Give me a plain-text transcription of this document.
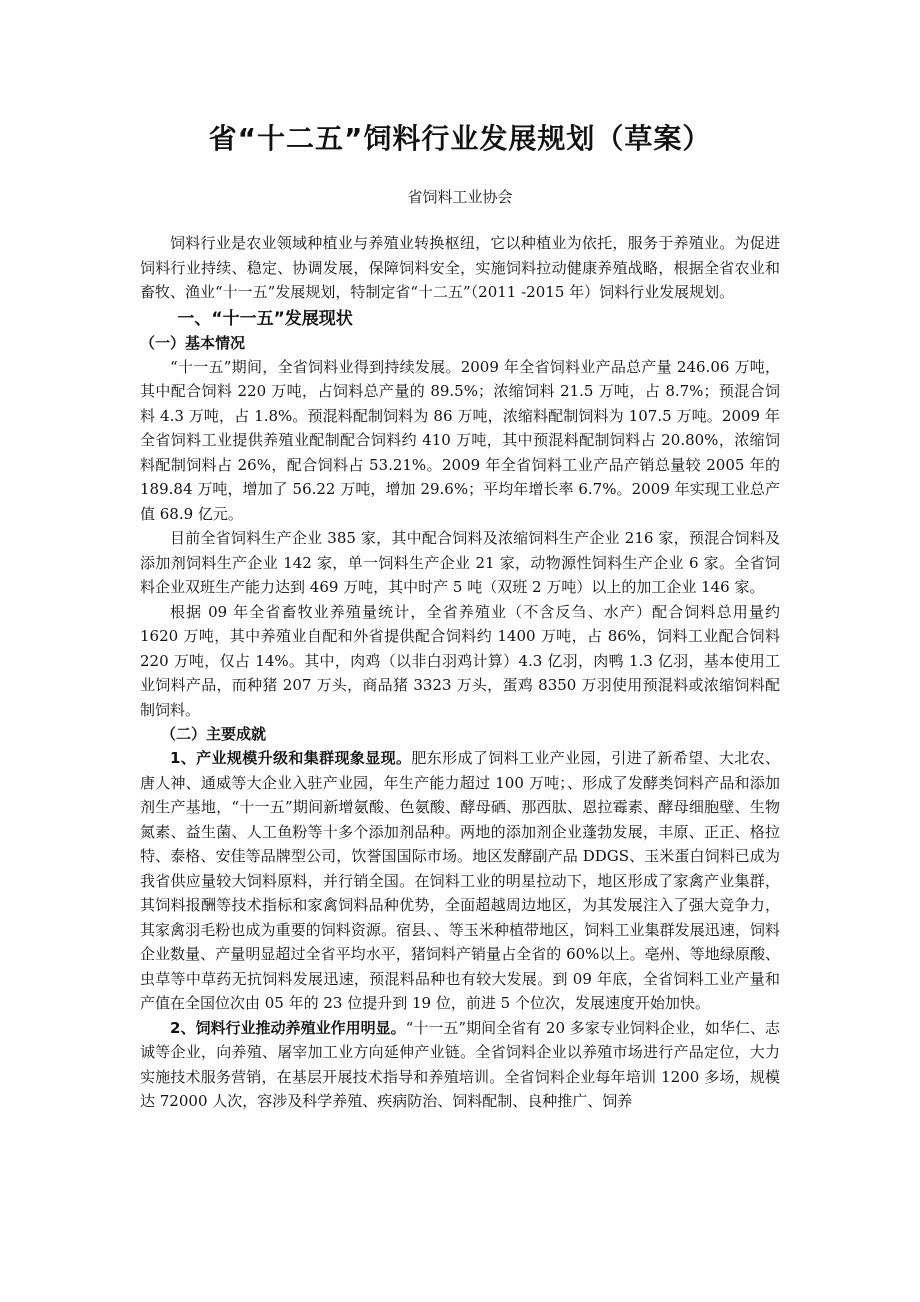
省“十二五”饲料行业发展规划（草案）
省饲料工业协会

饲料行业是农业领域种植业与养殖业转换枢纽，它以种植业为依托，服务于养殖业。为促进饲料行业持续、稳定、协调发展，保障饲料安全，实施饲料拉动健康养殖战略，根据全省农业和畜牧、渔业“十一五”发展规划，特制定省“十二五”（2011 -2015 年）饲料行业发展规划。

一、“十一五”发展现状
（一）基本情况

“十一五”期间，全省饲料业得到持续发展。2009 年全省饲料业产品总产量 246.06 万吨，其中配合饲料 220 万吨，占饲料总产量的 89.5%；浓缩饲料 21.5 万吨，占 8.7%；预混合饲料 4.3 万吨，占 1.8%。预混料配制饲料为 86 万吨，浓缩料配制饲料为 107.5 万吨。2009 年全省饲料工业提供养殖业配制配合饲料约 410 万吨，其中预混料配制饲料占 20.80%，浓缩饲料配制饲料占 26%，配合饲料占 53.21%。2009 年全省饲料工业产品产销总量较 2005 年的 189.84 万吨，增加了 56.22 万吨，增加 29.6%；平均年增长率 6.7%。2009 年实现工业总产值 68.9 亿元。

目前全省饲料生产企业 385 家，其中配合饲料及浓缩饲料生产企业 216 家，预混合饲料及添加剂饲料生产企业 142 家，单一饲料生产企业 21 家，动物源性饲料生产企业 6 家。全省饲料企业双班生产能力达到 469 万吨，其中时产 5 吨（双班 2 万吨）以上的加工企业 146 家。

根据 09 年全省畜牧业养殖量统计，全省养殖业（不含反刍、水产）配合饲料总用量约 1620 万吨，其中养殖业自配和外省提供配合饲料约 1400 万吨，占 86%，饲料工业配合饲料 220 万吨，仅占 14%。其中，肉鸡（以非白羽鸡计算）4.3 亿羽，肉鸭 1.3 亿羽，基本使用工业饲料产品，而种猪 207 万头，商品猪 3323 万头，蛋鸡 8350 万羽使用预混料或浓缩饲料配制饲料。

（二）主要成就

1、产业规模升级和集群现象显现。肥东形成了饲料工业产业园，引进了新希望、大北农、唐人神、通威等大企业入驻产业园，年生产能力超过 100 万吨；、形成了发酵类饲料产品和添加剂生产基地，“十一五”期间新增氨酸、色氨酸、酵母硒、那西肽、恩拉霉素、酵母细胞壁、生物氮素、益生菌、人工鱼粉等十多个添加剂品种。两地的添加剂企业蓬勃发展，丰原、正正、格拉特、泰格、安佳等品牌型公司，饮誉国国际市场。地区发酵副产品 DDGS、玉米蛋白饲料已成为我省供应量较大饲料原料，并行销全国。在饲料工业的明星拉动下，地区形成了家禽产业集群，其饲料报酬等技术指标和家禽饲料品种优势，全面超越周边地区，为其发展注入了强大竞争力，其家禽羽毛粉也成为重要的饲料资源。宿县、、等玉米种植带地区，饲料工业集群发展迅速，饲料企业数量、产量明显超过全省平均水平，猪饲料产销量占全省的 60%以上。亳州、等地绿原酸、虫草等中草药无抗饲料发展迅速，预混料品种也有较大发展。到 09 年底，全省饲料工业产量和产值在全国位次由 05 年的 23 位提升到 19 位，前进 5 个位次，发展速度开始加快。

2、饲料行业推动养殖业作用明显。“十一五”期间全省有 20 多家专业饲料企业，如华仁、志诚等企业，向养殖、屠宰加工业方向延伸产业链。全省饲料企业以养殖市场进行产品定位，大力实施技术服务营销，在基层开展技术指导和养殖培训。全省饲料企业每年培训 1200 多场，规模达 72000 人次，容涉及科学养殖、疾病防治、饲料配制、良种推广、饲养
